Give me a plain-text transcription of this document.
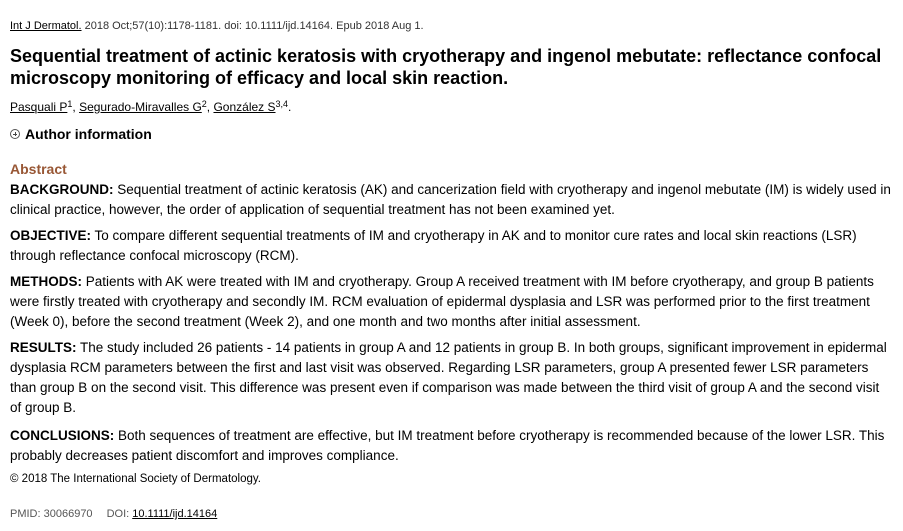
Int J Dermatol. 2018 Oct;57(10):1178-1181. doi: 10.1111/ijd.14164. Epub 2018 Aug 1.
Sequential treatment of actinic keratosis with cryotherapy and ingenol mebutate: reflectance confocal microscopy monitoring of efficacy and local skin reaction.
Pasquali $P^1$, Segurado-Miravalles $G^2$, González S$^{3,4}$.
Author information
Abstract

BACKGROUND: Sequential treatment of actinic keratosis (AK) and cancerization field with cryotherapy and ingenol mebutate (IM) is widely used in clinical practice, however, the order of application of sequential treatment has not been examined yet.

OBJECTIVE: To compare different sequential treatments of IM and cryotherapy in AK and to monitor cure rates and local skin reactions (LSR) through reflectance confocal microscopy (RCM).

METHODS: Patients with AK were treated with IM and cryotherapy. Group A received treatment with IM before cryotherapy, and group B patients were firstly treated with cryotherapy and secondly IM. RCM evaluation of epidermal dysplasia and LSR was performed prior to the first treatment (Week 0), before the second treatment (Week 2), and one month and two months after initial assessment.

RESULTS: The study included 26 patients - 14 patients in group A and 12 patients in group B. In both groups, significant improvement in epidermal dysplasia RCM parameters between the first and last visit was observed. Regarding LSR parameters, group A presented fewer LSR parameters than group B on the second visit. This difference was present even if comparison was made between the third visit of group A and the second visit of group B.

CONCLUSIONS: Both sequences of treatment are effective, but IM treatment before cryotherapy is recommended because of the lower LSR. This probably decreases patient discomfort and improves compliance.

© 2018 The International Society of Dermatology.
PMID: 30066970 DOI: 10.1111/ijd.14164
